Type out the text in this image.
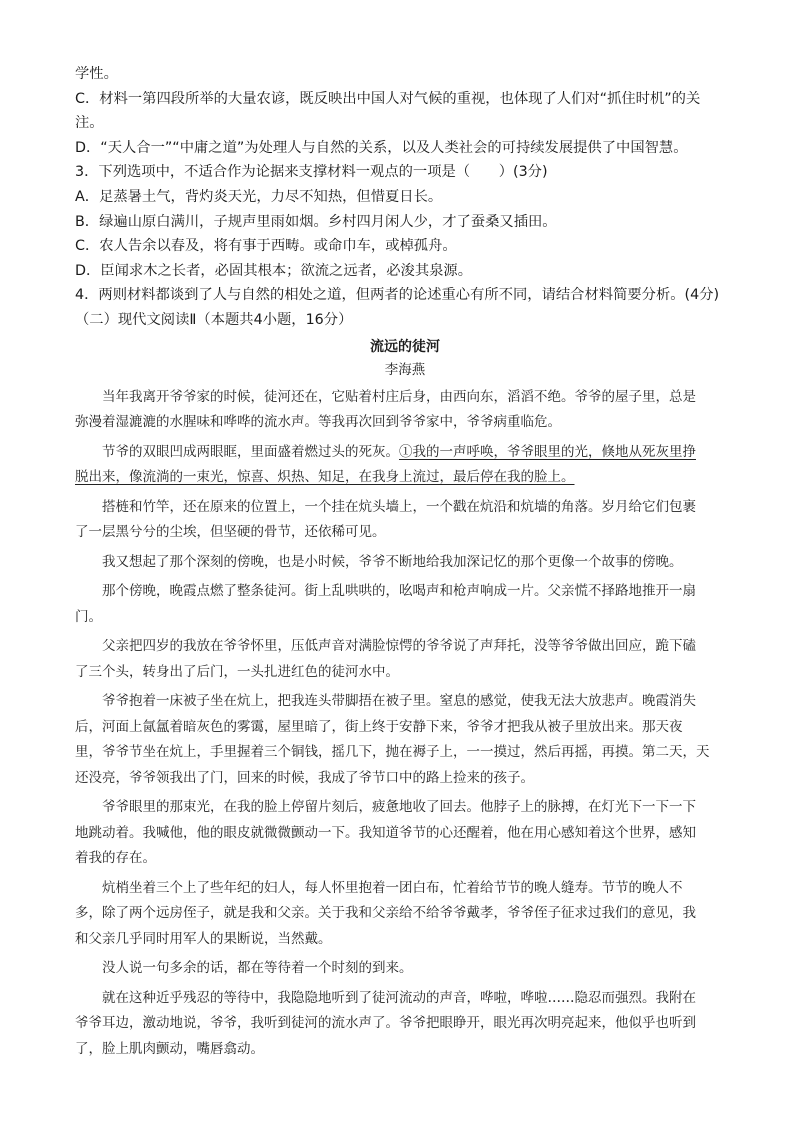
学性。
C．材料一第四段所举的大量农谚，既反映出中国人对气候的重视，也体现了人们对“抓住时机”的关
注。
D．“天人合一”“中庸之道”为处理人与自然的关系，以及人类社会的可持续发展提供了中国智慧。
3．下列选项中，不适合作为论据来支撑材料一观点的一项是（　　）(3分)
A．足蒸暑土气，背灼炎天光，力尽不知热，但惜夏日长。
B．绿遍山原白满川，子规声里雨如烟。乡村四月闲人少，才了蚕桑又插田。
C．农人告余以春及，将有事于西畴。或命巾车，或棹孤舟。
D．臣闻求木之长者，必固其根本；欲流之远者，必浚其泉源。
4．两则材料都谈到了人与自然的相处之道，但两者的论述重心有所不同，请结合材料简要分析。(4分)
（二）现代文阅读Ⅱ（本题共4小题，16分）
流远的徒河
李海燕

当年我离开爷爷家的时候，徒河还在，它贴着村庄后身，由西向东，滔滔不绝。爷爷的屋子里，总是
弥漫着湿漉漉的水腥味和哗哗的流水声。等我再次回到爷爷家中，爷爷病重临危。

节爷的双眼凹成两眼眶，里面盛着燃过头的死灰。①我的一声呼唤，爷爷眼里的光，倏地从死灰里挣
脱出来，像流淌的一束光，惊喜、炽热、知足，在我身上流过，最后停在我的脸上。

搭梿和竹竿，还在原来的位置上，一个挂在炕头墙上，一个戳在炕沿和炕墙的角落。岁月给它们包裹
了一层黑兮兮的尘埃，但坚硬的骨节，还依稀可见。

我又想起了那个深刻的傍晚，也是小时候，爷爷不断地给我加深记忆的那个更像一个故事的傍晚。

那个傍晚，晚霞点燃了整条徒河。街上乱哄哄的，吆喝声和枪声响成一片。父亲慌不择路地推开一扇
门。

父亲把四岁的我放在爷爷怀里，压低声音对满脸惊愕的爷爷说了声拜托，没等爷爷做出回应，跪下磕
了三个头，转身出了后门，一头扎进红色的徒河水中。

爷爷抱着一床被子坐在炕上，把我连头带脚捂在被子里。窒息的感觉，使我无法大放悲声。晚霞消失
后，河面上氤氲着暗灰色的雾霭，屋里暗了，街上终于安静下来，爷爷才把我从被子里放出来。那天夜
里，爷爷节坐在炕上，手里握着三个铜钱，摇几下，抛在褥子上，一一摸过，然后再摇，再摸。第二天，天
还没亮，爷爷领我出了门，回来的时候，我成了爷节口中的路上捡来的孩子。

爷爷眼里的那束光，在我的脸上停留片刻后，疲惫地收了回去。他脖子上的脉搏，在灯光下一下一下
地跳动着。我喊他，他的眼皮就微微颤动一下。我知道爷节的心还醒着，他在用心感知着这个世界，感知
着我的存在。

炕梢坐着三个上了些年纪的妇人，每人怀里抱着一团白布，忙着给节节的晚人缝寿。节节的晚人不
多，除了两个远房侄子，就是我和父亲。关于我和父亲给不给爷爷戴孝，爷爷侄子征求过我们的意见，我
和父亲几乎同时用军人的果断说，当然戴。

没人说一句多余的话，都在等待着一个时刻的到来。

就在这种近乎残忍的等待中，我隐隐地听到了徒河流动的声音，哗啦，哗啦……隐忍而强烈。我附在
爷爷耳边，激动地说，爷爷，我听到徒河的流水声了。爷爷把眼睁开，眼光再次明亮起来，他似乎也听到
了，脸上肌肉颤动，嘴唇翕动。
